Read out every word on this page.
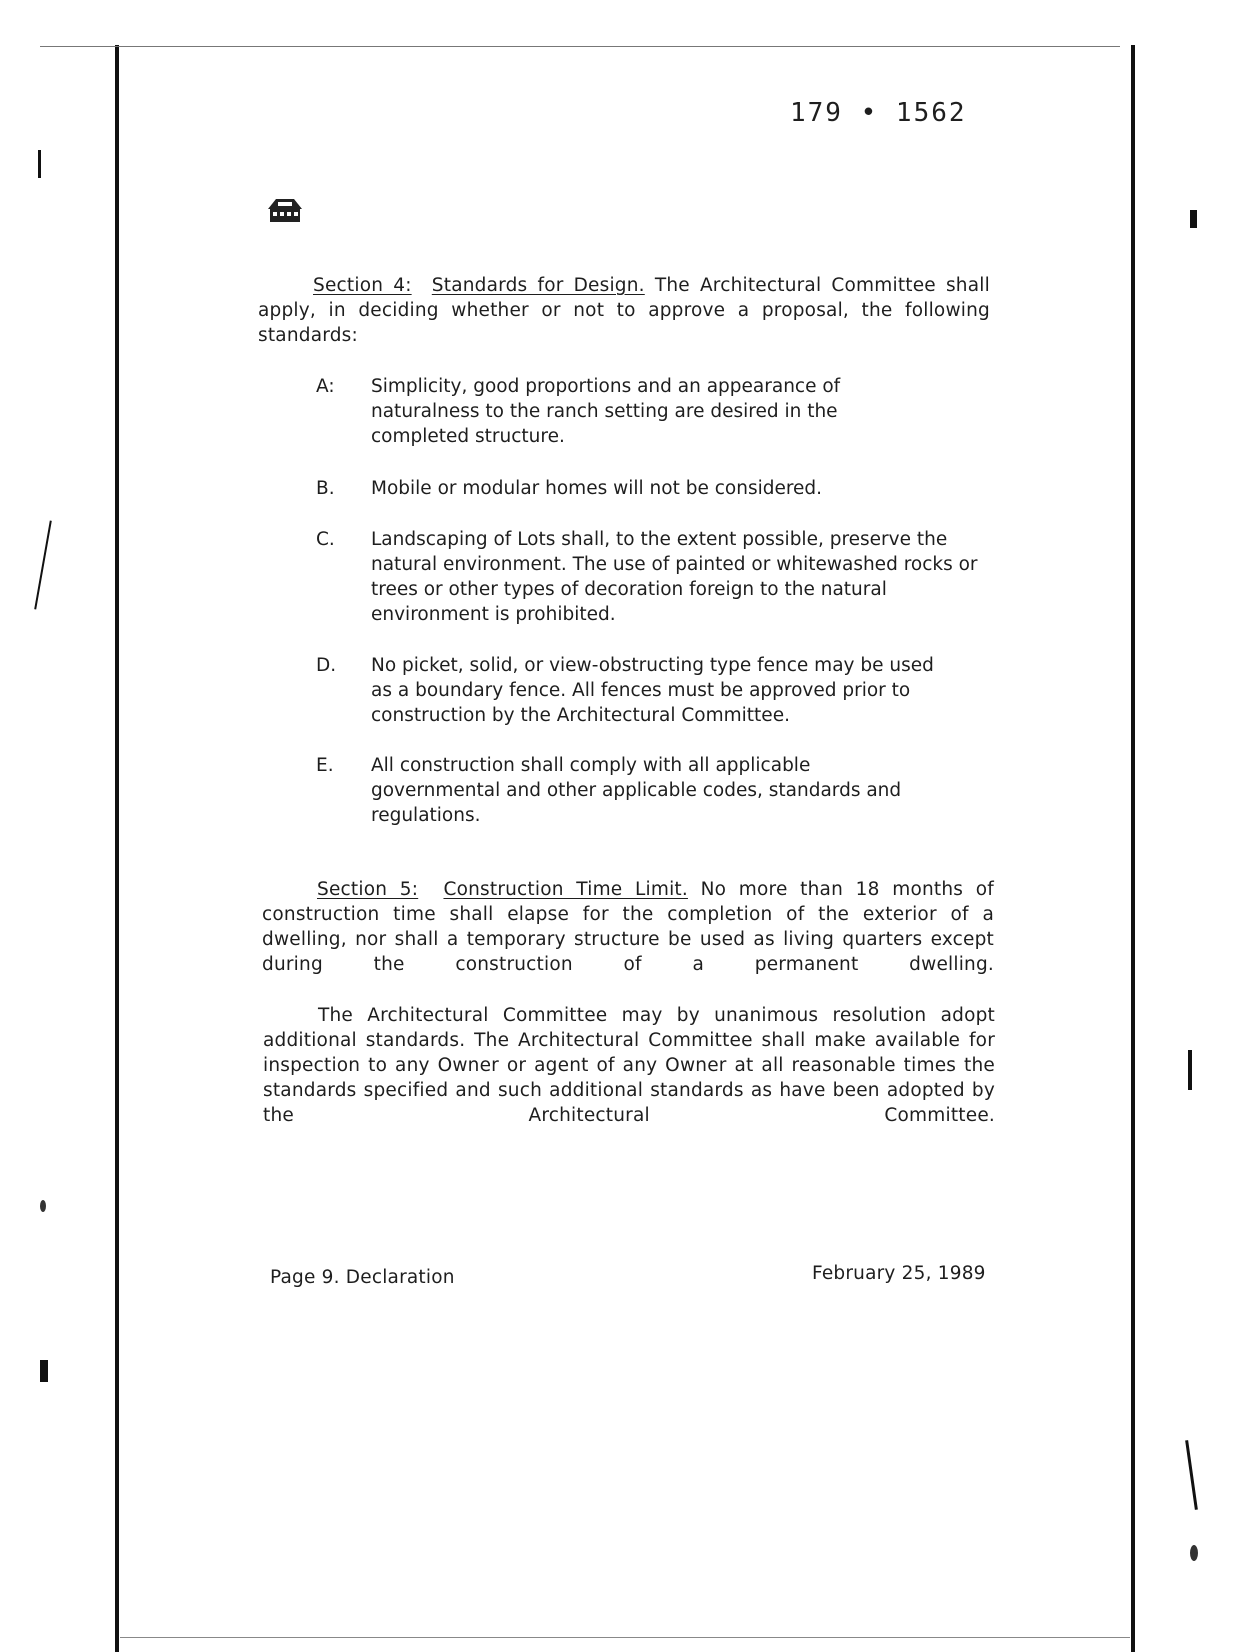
179 • 1562
Section 4: Standards for Design. The Architectural Committee shall apply, in deciding whether or not to approve a proposal, the following standards:
A:	Simplicity, good proportions and an appearance of naturalness to the ranch setting are desired in the completed structure.
B.	Mobile or modular homes will not be considered.
C.	Landscaping of Lots shall, to the extent possible, preserve the natural environment. The use of painted or whitewashed rocks or trees or other types of decoration foreign to the natural environment is prohibited.
D.	No picket, solid, or view-obstructing type fence may be used as a boundary fence. All fences must be approved prior to construction by the Architectural Committee.
E.	All construction shall comply with all applicable governmental and other applicable codes, standards and regulations.
Section 5: Construction Time Limit. No more than 18 months of construction time shall elapse for the completion of the exterior of a dwelling, nor shall a temporary structure be used as living quarters except during the construction of a permanent dwelling.
The Architectural Committee may by unanimous resolution adopt additional standards. The Architectural Committee shall make available for inspection to any Owner or agent of any Owner at all reasonable times the standards specified and such additional standards as have been adopted by the Architectural Committee.
Page 9. Declaration	February 25, 1989
